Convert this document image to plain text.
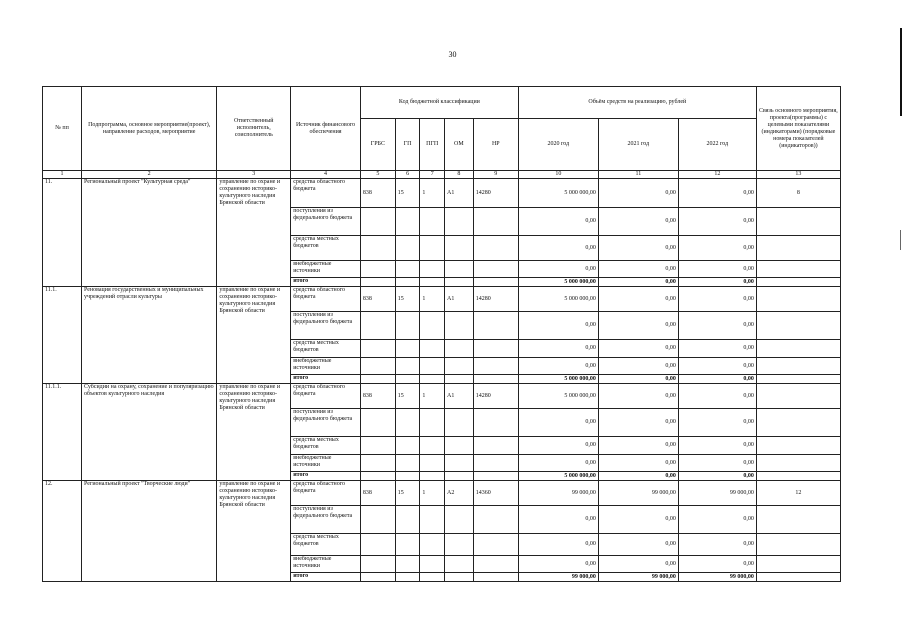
30
№ пп	Подпрограмма, основное мероприятие(проект), направление расходов, мероприятие	Ответственный исполнитель, соисполнитель	Источник финансового обеспечения	Код бюджетной классификации					Объём средств на реализацию, рублей			Связь основного мероприятия, проекта(программы) с целевыми показателями (индикаторами) (порядковые номера показателей (индикаторов))
				ГРБС	ГП	ПГП	ОМ	НР	2020 год	2021 год	2022 год	
1	2	3	4	5	6	7	8	9	10	11	12	13
11.	Региональный проект "Культурная среда"	управление по охране и сохранению историко-культурного наследия Брянской области	средства областного бюджета	838	15	1	А1	14280	5 000 000,00	0,00	0,00	8
			поступления из федерального бюджета						0,00	0,00	0,00	
			средства местных бюджетов						0,00	0,00	0,00	
			внебюджетные источники						0,00	0,00	0,00	
			итого						5 000 000,00	0,00	0,00	
11.1.	Реновация государственных и муниципальных учреждений отрасли культуры	управление по охране и сохранению историко-культурного наследия Брянской области	средства областного бюджета	838	15	1	А1	14280	5 000 000,00	0,00	0,00	
			поступления из федерального бюджета						0,00	0,00	0,00	
			средства местных бюджетов						0,00	0,00	0,00	
			внебюджетные источники						0,00	0,00	0,00	
			итого						5 000 000,00	0,00	0,00	
11.1.1.	Субсидии на охрану, сохранение и популяризацию объектов культурного наследия	управление по охране и сохранению историко-культурного наследия Брянской области	средства областного бюджета	838	15	1	А1	14280	5 000 000,00	0,00	0,00	
			поступления из федерального бюджета						0,00	0,00	0,00	
			средства местных бюджетов						0,00	0,00	0,00	
			внебюджетные источники						0,00	0,00	0,00	
			итого						5 000 000,00	0,00	0,00	
12.	Региональный проект "Творческие люди"	управление по охране и сохранению историко-культурного наследия Брянской области	средства областного бюджета	838	15	1	А2	14360	99 000,00	99 000,00	99 000,00	12
			поступления из федерального бюджета						0,00	0,00	0,00	
			средства местных бюджетов						0,00	0,00	0,00	
			внебюджетные источники						0,00	0,00	0,00	
			итого						99 000,00	99 000,00	99 000,00	
